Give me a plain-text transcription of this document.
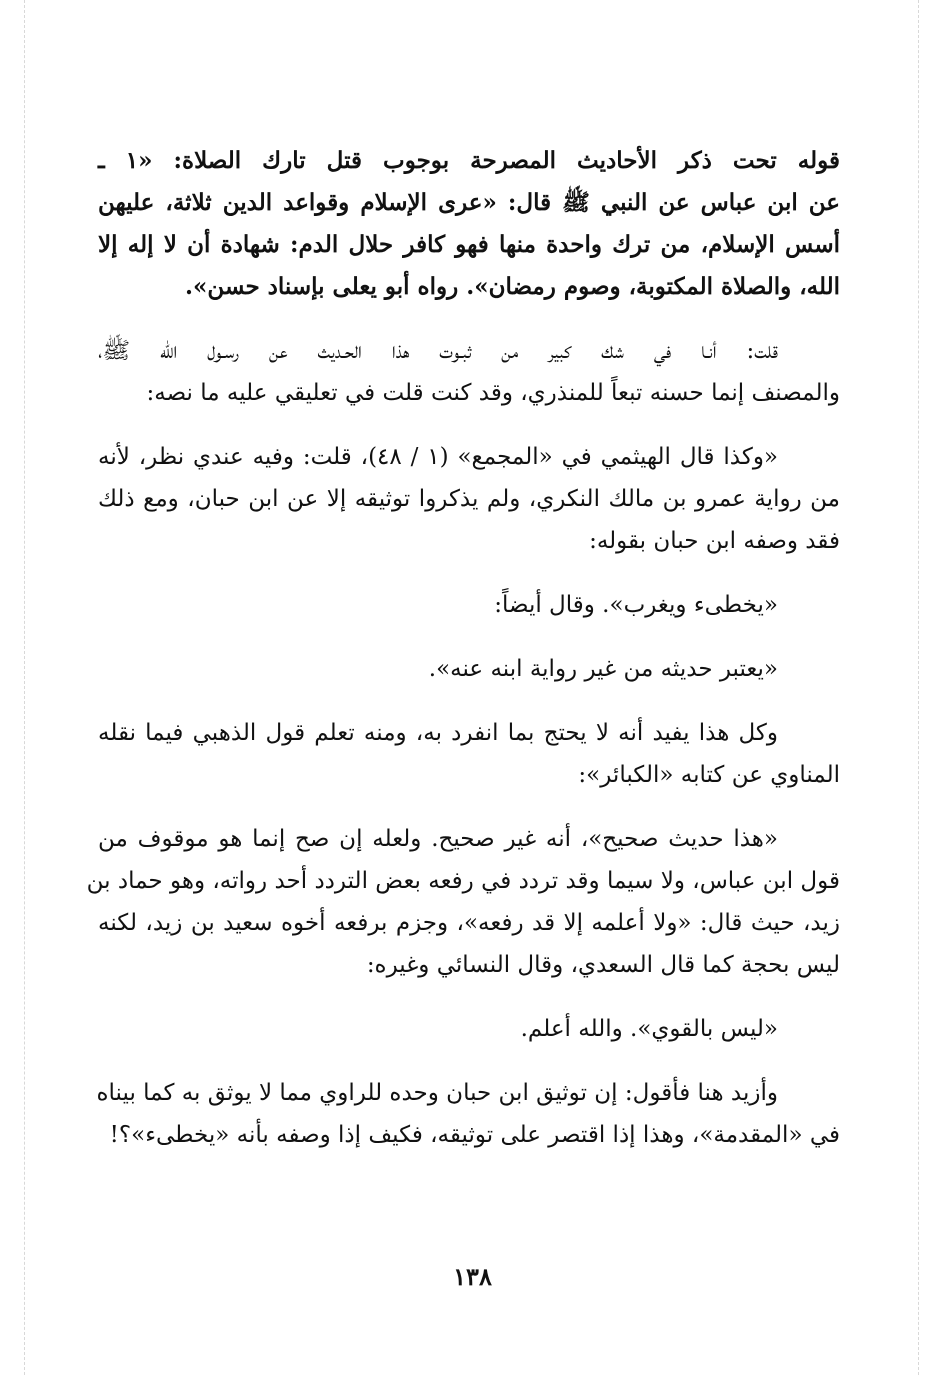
قوله تحت ذكر الأحاديث المصرحة بوجوب قتل تارك الصلاة: «١ ـ
عن ابن عباس عن النبي ﷺ قال: «عرى الإسلام وقواعد الدين ثلاثة، عليهن
أسس الإسلام، من ترك واحدة منها فهو كافر حلال الدم: شهادة أن لا إله إلا
الله، والصلاة المكتوبة، وصوم رمضان». رواه أبو يعلى بإسناد حسن».
قلت: أنـا في شك كبير من ثبـوت هذا الحـديث عن رسـول الله ﷺ،
والمصنف إنما حسنه تبعاً للمنذري، وقد كنت قلت في تعليقي عليه ما نصه:
«وكذا قال الهيثمي في «المجمع» (١ / ٤٨)، قلت: وفيه عندي نظر، لأنه
من رواية عمرو بن مالك النكري، ولم يذكروا توثيقه إلا عن ابن حبان، ومع ذلك
فقد وصفه ابن حبان بقوله:
«يخطىء ويغرب». وقال أيضاً:
«يعتبر حديثه من غير رواية ابنه عنه».
وكل هذا يفيد أنه لا يحتج بما انفرد به، ومنه تعلم قول الذهبي فيما نقله
المناوي عن كتابه «الكبائر»:
«هذا حديث صحيح»، أنه غير صحيح. ولعله إن صح إنما هو موقوف من
قول ابن عباس، ولا سيما وقد تردد في رفعه بعض التردد أحد رواته، وهو حماد بن
زيد، حيث قال: «ولا أعلمه إلا قد رفعه»، وجزم برفعه أخوه سعيد بن زيد، لكنه
ليس بحجة كما قال السعدي، وقال النسائي وغيره:
«ليس بالقوي». والله أعلم.
وأزيد هنا فأقول: إن توثيق ابن حبان وحده للراوي مما لا يوثق به كما بيناه
في «المقدمة»، وهذا إذا اقتصر على توثيقه، فكيف إذا وصفه بأنه «يخطىء»؟!
١٣٨
